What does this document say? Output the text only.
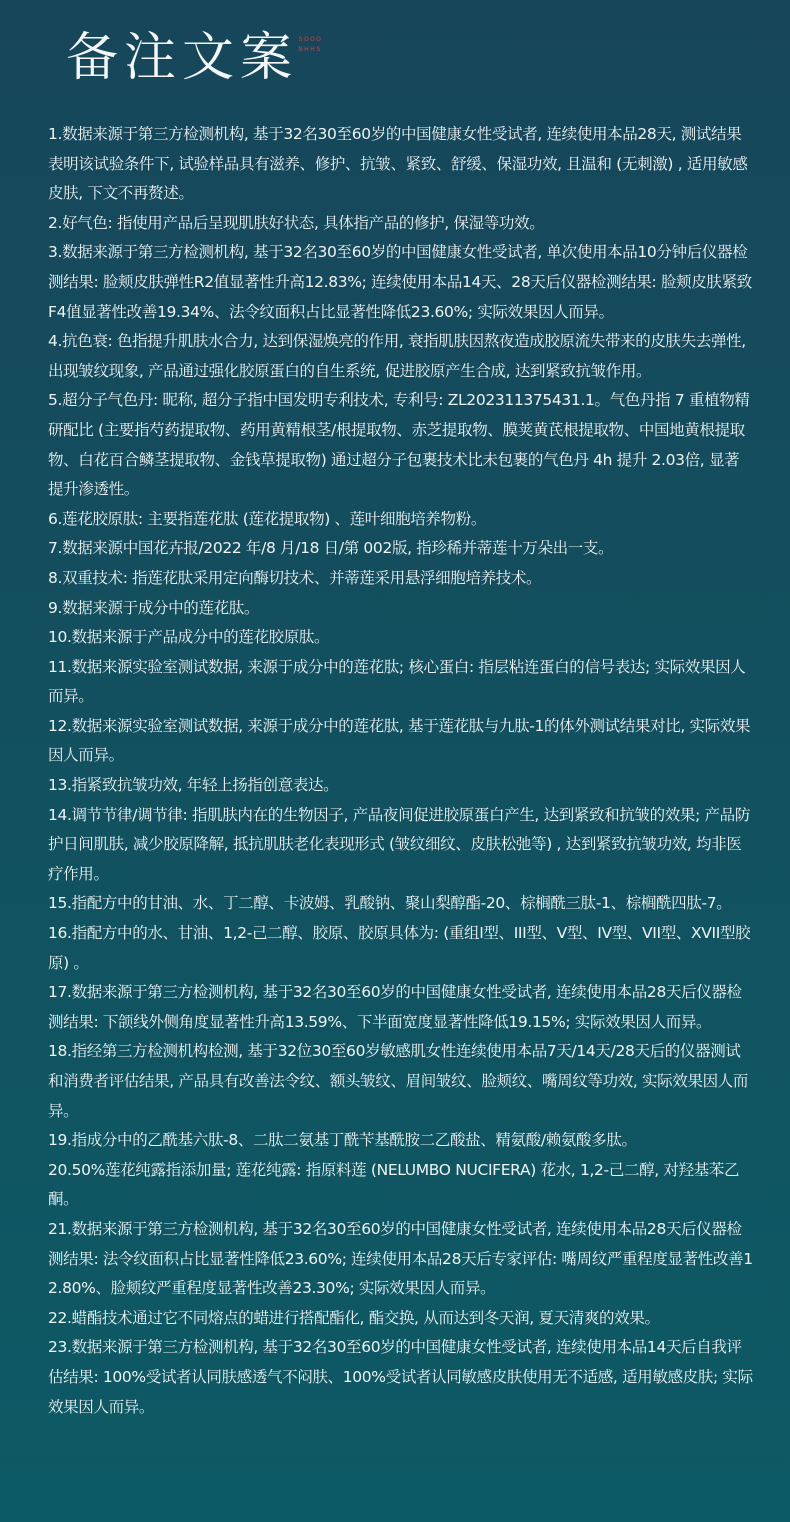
备注文案 S O O O
N H H S

1.数据来源于第三方检测机构, 基于32名30至60岁的中国健康女性受试者, 连续使用本品28天, 测试结果表明该试验条件下, 试验样品具有滋养、修护、抗皱、紧致、舒缓、保湿功效, 且温和 (无刺激) , 适用敏感皮肤, 下文不再赘述。

2.好气色: 指使用产品后呈现肌肤好状态, 具体指产品的修护, 保湿等功效。

3.数据来源于第三方检测机构, 基于32名30至60岁的中国健康女性受试者, 单次使用本品10分钟后仪器检测结果: 脸颊皮肤弹性R2值显著性升高12.83%; 连续使用本品14天、28天后仪器检测结果: 脸颊皮肤紧致F4值显著性改善19.34%、法令纹面积占比显著性降低23.60%; 实际效果因人而异。

4.抗色衰: 色指提升肌肤水合力, 达到保湿焕亮的作用, 衰指肌肤因熬夜造成胶原流失带来的皮肤失去弹性, 出现皱纹现象, 产品通过强化胶原蛋白的自生系统, 促进胶原产生合成, 达到紧致抗皱作用。

5.超分子气色丹: 昵称, 超分子指中国发明专利技术, 专利号: ZL202311375431.1。气色丹指 7 重植物精研配比 (主要指芍药提取物、药用黄精根茎/根提取物、赤芝提取物、膜荚黄芪根提取物、中国地黄根提取物、白花百合鳞茎提取物、金钱草提取物) 通过超分子包裹技术比未包裹的气色丹 4h 提升 2.03倍, 显著提升渗透性。

6.莲花胶原肽: 主要指莲花肽 (莲花提取物) 、莲叶细胞培养物粉。

7.数据来源中国花卉报/2022 年/8 月/18 日/第 002版, 指珍稀并蒂莲十万朵出一支。

8.双重技术: 指莲花肽采用定向酶切技术、并蒂莲采用悬浮细胞培养技术。

9.数据来源于成分中的莲花肽。

10.数据来源于产品成分中的莲花胶原肽。

11.数据来源实验室测试数据, 来源于成分中的莲花肽; 核心蛋白: 指层粘连蛋白的信号表达; 实际效果因人而异。

12.数据来源实验室测试数据, 来源于成分中的莲花肽, 基于莲花肽与九肽-1的体外测试结果对比, 实际效果因人而异。

13.指紧致抗皱功效, 年轻上扬指创意表达。

14.调节节律/调节律: 指肌肤内在的生物因子, 产品夜间促进胶原蛋白产生, 达到紧致和抗皱的效果; 产品防护日间肌肤, 减少胶原降解, 抵抗肌肤老化表现形式 (皱纹细纹、皮肤松弛等) , 达到紧致抗皱功效, 均非医疗作用。

15.指配方中的甘油、水、丁二醇、卡波姆、乳酸钠、聚山梨醇酯-20、棕榈酰三肽-1、棕榈酰四肽-7。

16.指配方中的水、甘油、1,2-己二醇、胶原、胶原具体为: (重组I型、III型、V型、IV型、VII型、XVII型胶原) 。

17.数据来源于第三方检测机构, 基于32名30至60岁的中国健康女性受试者, 连续使用本品28天后仪器检测结果: 下颌线外侧角度显著性升高13.59%、下半面宽度显著性降低19.15%; 实际效果因人而异。

18.指经第三方检测机构检测, 基于32位30至60岁敏感肌女性连续使用本品7天/14天/28天后的仪器测试和消费者评估结果, 产品具有改善法令纹、额头皱纹、眉间皱纹、脸颊纹、嘴周纹等功效, 实际效果因人而异。

19.指成分中的乙酰基六肽-8、二肽二氨基丁酰苄基酰胺二乙酸盐、精氨酸/赖氨酸多肽。

20.50%莲花纯露指添加量; 莲花纯露: 指原料莲 (NELUMBO NUCIFERA) 花水, 1,2-己二醇, 对羟基苯乙酮。

21.数据来源于第三方检测机构, 基于32名30至60岁的中国健康女性受试者, 连续使用本品28天后仪器检测结果: 法令纹面积占比显著性降低23.60%; 连续使用本品28天后专家评估: 嘴周纹严重程度显著性改善12.80%、脸颊纹严重程度显著性改善23.30%; 实际效果因人而异。

22.蜡酯技术通过它不同熔点的蜡进行搭配酯化, 酯交换, 从而达到冬天润, 夏天清爽的效果。

23.数据来源于第三方检测机构, 基于32名30至60岁的中国健康女性受试者, 连续使用本品14天后自我评估结果: 100%受试者认同肤感透气不闷肤、100%受试者认同敏感皮肤使用无不适感, 适用敏感皮肤; 实际效果因人而异。
